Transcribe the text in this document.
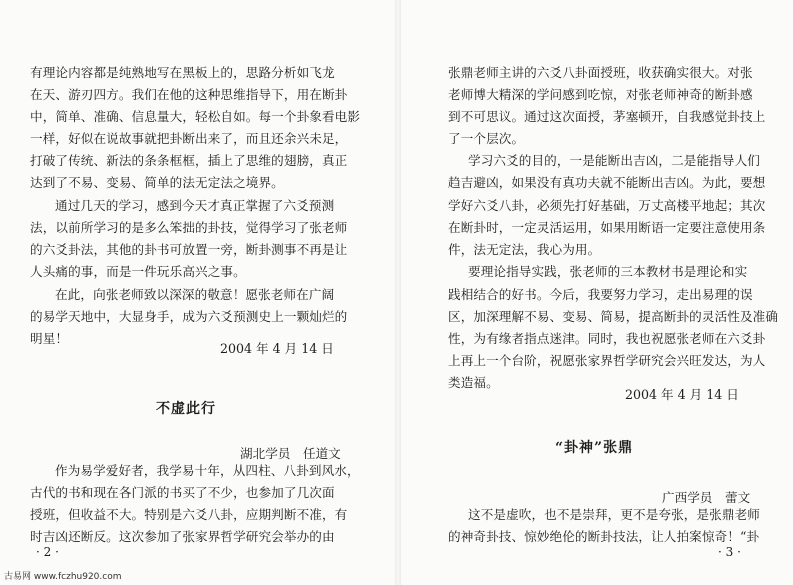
有理论内容都是纯熟地写在黑板上的，思路分析如飞龙
在天、游刃四方。我们在他的这种思维指导下，用在断卦
中，简单、准确、信息量大，轻松自如。每一个卦象看电影
一样，好似在说故事就把卦断出来了，而且还余兴未足，
打破了传统、新法的条条框框，插上了思维的翅膀，真正
达到了不易、变易、简单的法无定法之境界。
通过几天的学习，感到今天才真正掌握了六爻预测
法，以前所学习的是多么笨拙的卦技，觉得学习了张老师
的六爻卦法，其他的卦书可放置一旁，断卦测事不再是让
人头痛的事，而是一件玩乐高兴之事。
在此，向张老师致以深深的敬意！愿张老师在广阔
的易学天地中，大显身手，成为六爻预测史上一颗灿烂的
明星！
2004 年 4 月 14 日
不虚此行
湖北学员　任道文
作为易学爱好者，我学易十年，从四柱、八卦到风水，
古代的书和现在各门派的书买了不少，也参加了几次面
授班，但收益不大。特别是六爻八卦，应期判断不准，有
时吉凶还断反。这次参加了张家界哲学研究会举办的由
· 2 ·
张鼎老师主讲的六爻八卦面授班，收获确实很大。对张
老师博大精深的学问感到吃惊，对张老师神奇的断卦感
到不可思议。通过这次面授，茅塞顿开，自我感觉卦技上
了一个层次。
学习六爻的目的，一是能断出吉凶，二是能指导人们
趋吉避凶，如果没有真功夫就不能断出吉凶。为此，要想
学好六爻八卦，必须先打好基础，万丈高楼平地起；其次
在断卦时，一定灵活运用，如果用断语一定要注意使用条
件，法无定法，我心为用。
要理论指导实践，张老师的三本教材书是理论和实
践相结合的好书。今后，我要努力学习，走出易理的误
区，加深理解不易、变易、简易，提高断卦的灵活性及准确
性，为有缘者指点迷津。同时，我也祝愿张老师在六爻卦
上再上一个台阶，祝愿张家界哲学研究会兴旺发达，为人
类造福。
2004 年 4 月 14 日
“卦神”张鼎
广西学员　蕾文
这不是虚吹，也不是崇拜，更不是夸张，是张鼎老师
的神奇卦技、惊妙绝伦的断卦技法，让人拍案惊奇！“卦
· 3 ·
古易网 www.fczhu920.com
